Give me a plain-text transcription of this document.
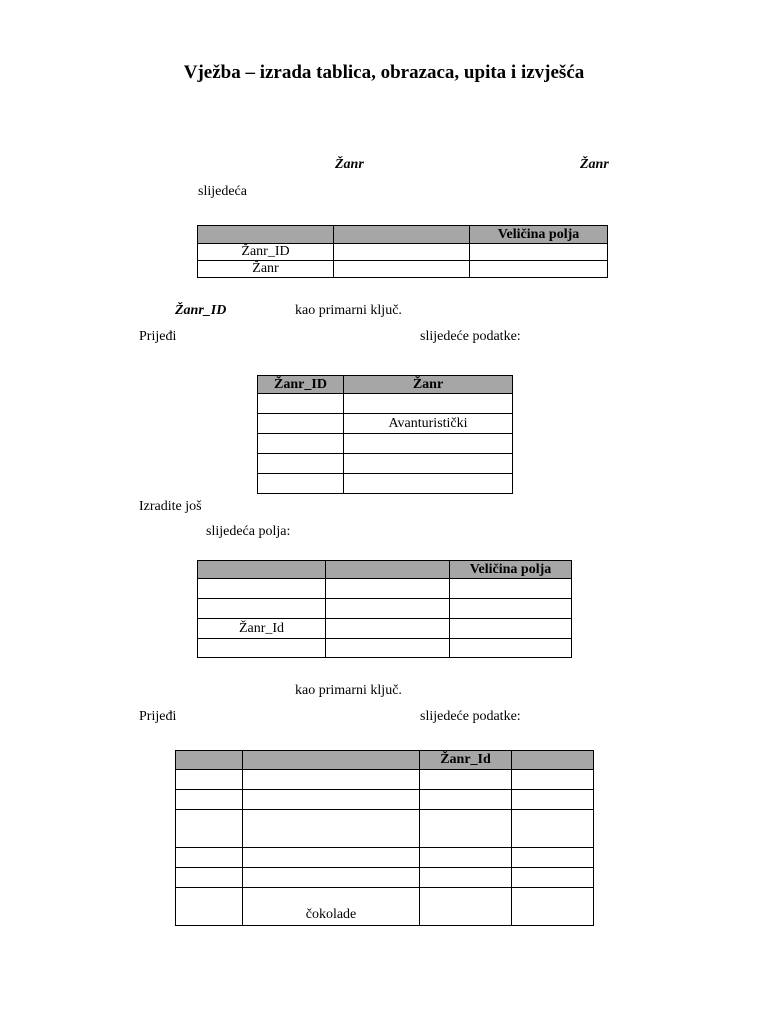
Vježba – izrada tablica, obrazaca, upita i izvješća
Žanr	Žanr
slijedeća
		Veličina polja
Žanr_ID		
Žanr		
Žanr_ID	kao primarni ključ.
Prijeđi	slijedeće podatke:
Žanr_ID	Žanr

	Avanturistički

Izradite još
slijedeća polja:
		Veličina polja

Žanr_Id		

kao primarni ključ.
Prijeđi	slijedeće podatke:
		Žanr_Id	

	čokolade		
